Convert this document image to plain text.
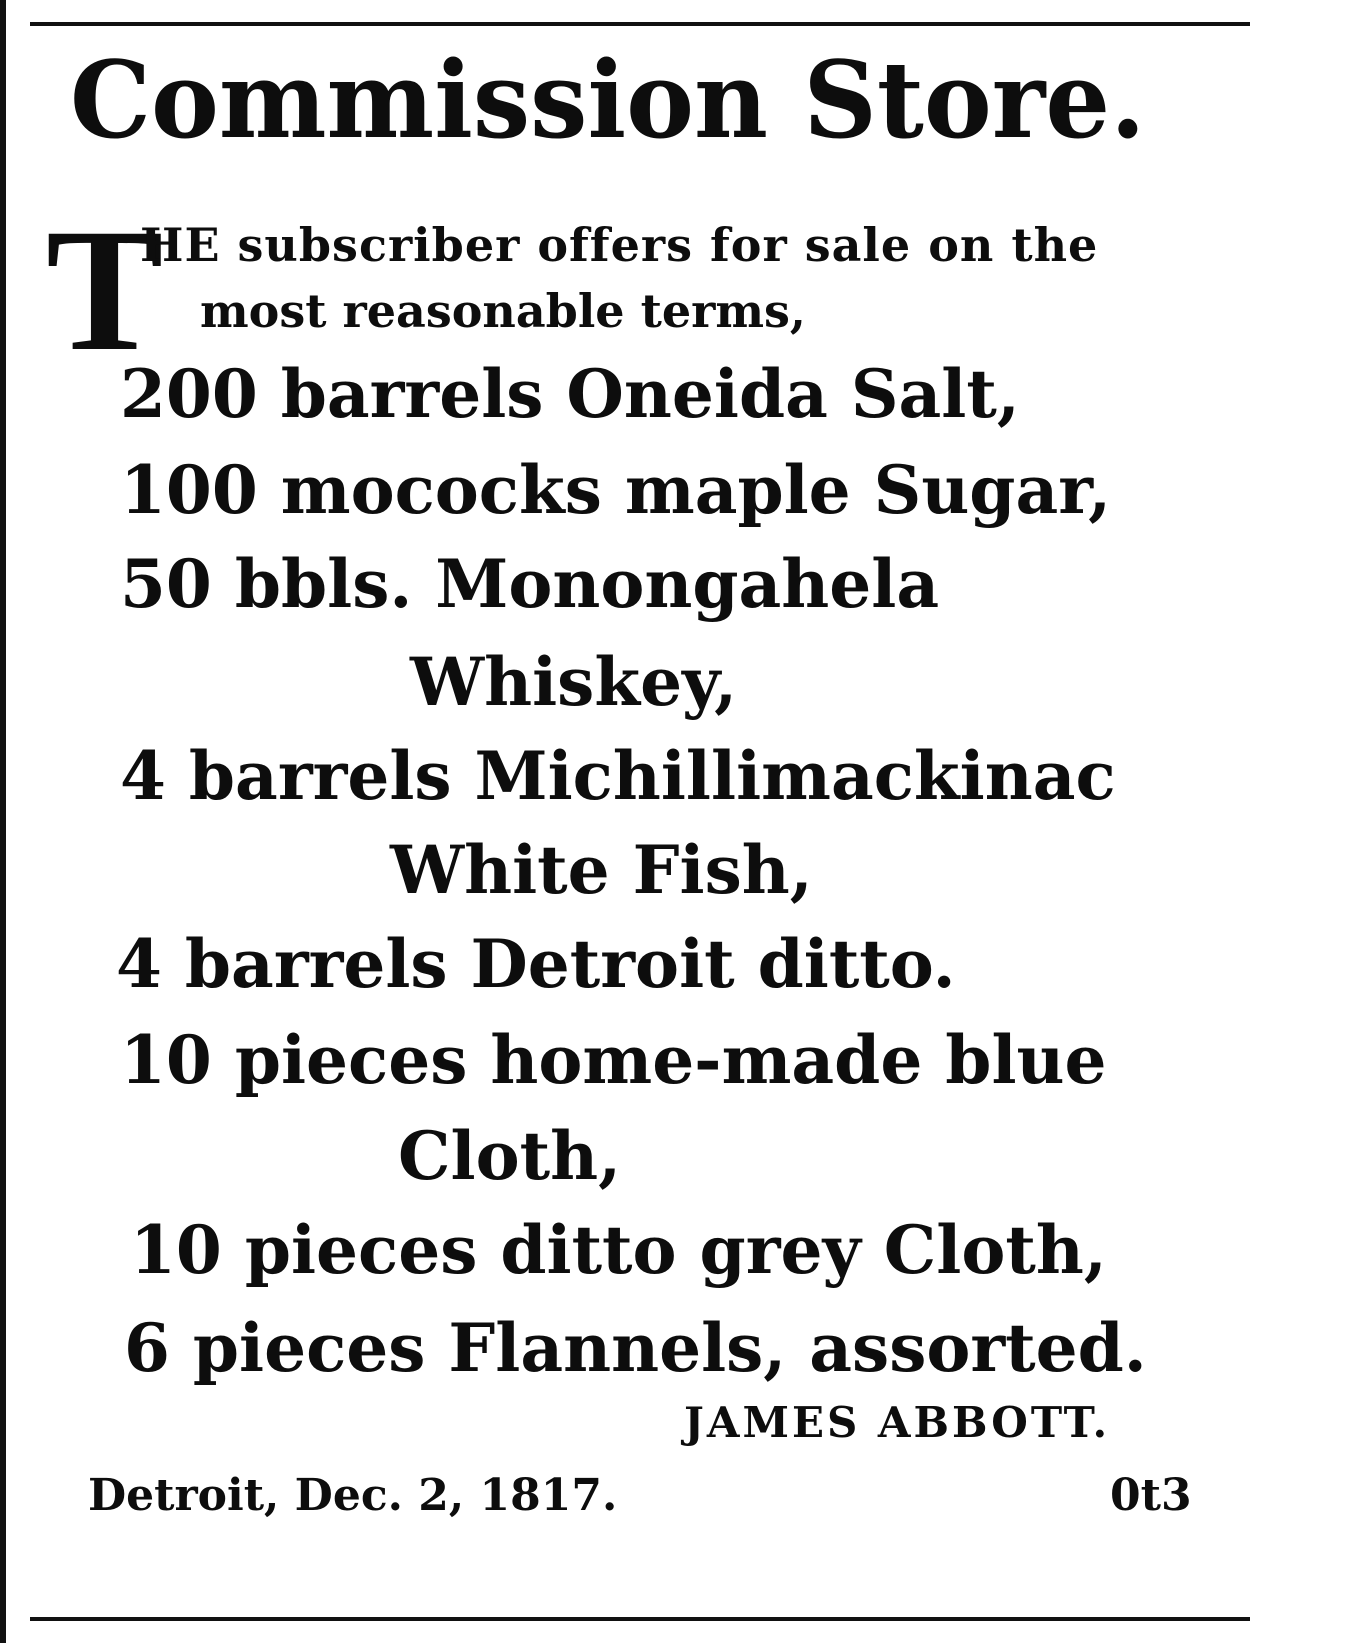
Commission Store.
T
HE subscriber offers for sale on the
most reasonable terms,
200 barrels Oneida Salt,
100 mococks maple Sugar,
50 bbls. Monongahela
Whiskey,
4 barrels Michillimackinac
White Fish,
4 barrels Detroit ditto.
10 pieces home-made blue
Cloth,
10 pieces ditto grey Cloth,
6 pieces Flannels, assorted.
JAMES ABBOTT.
Detroit, Dec. 2, 1817.	0t3
